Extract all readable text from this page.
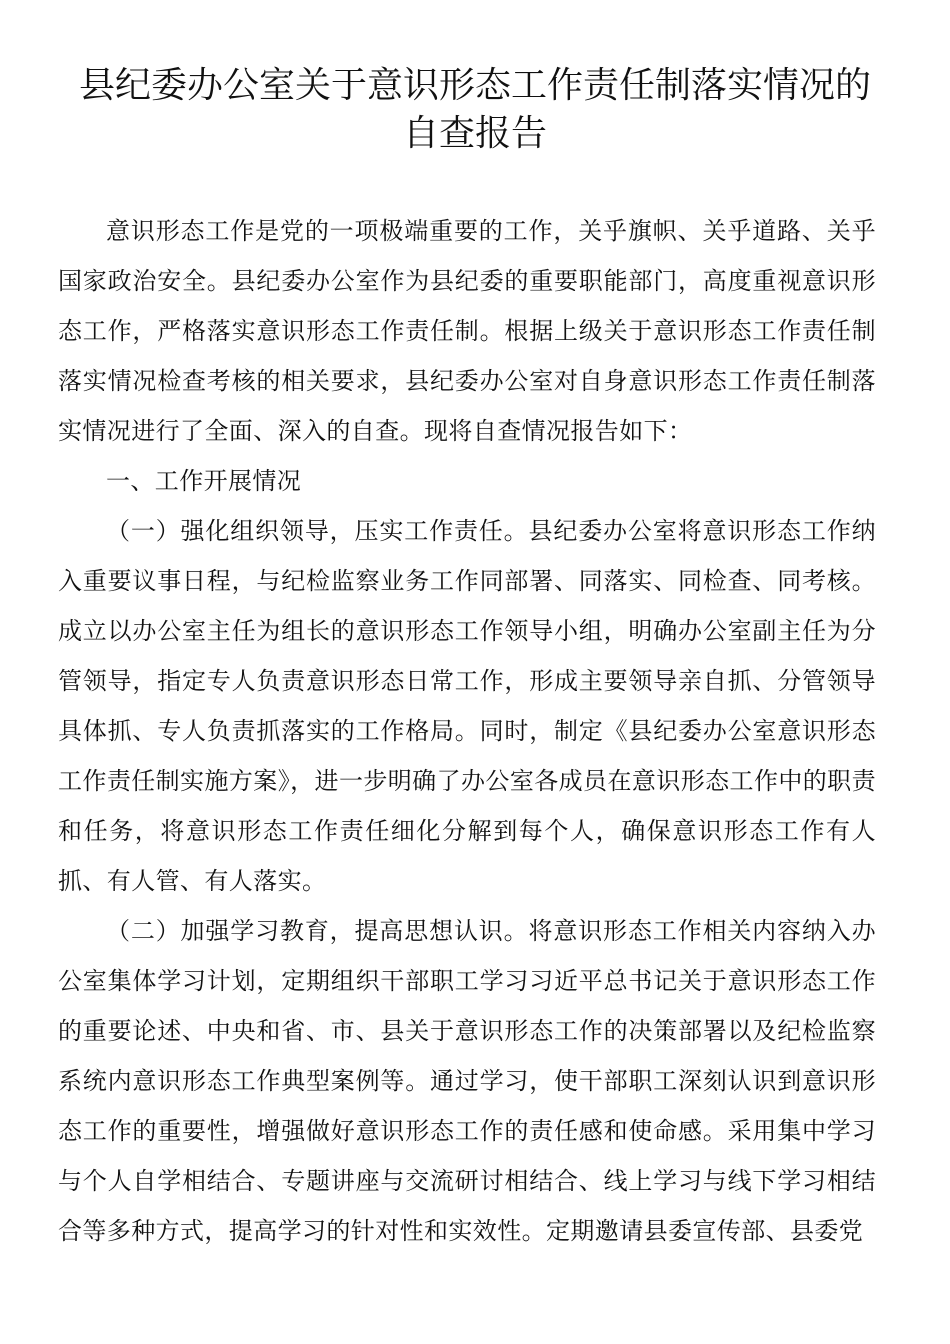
县纪委办公室关于意识形态工作责任制落实情况的自查报告

意识形态工作是党的一项极端重要的工作，关乎旗帜、关乎道路、关乎国家政治安全。县纪委办公室作为县纪委的重要职能部门，高度重视意识形态工作，严格落实意识形态工作责任制。根据上级关于意识形态工作责任制落实情况检查考核的相关要求，县纪委办公室对自身意识形态工作责任制落实情况进行了全面、深入的自查。现将自查情况报告如下：

一、工作开展情况

（一）强化组织领导，压实工作责任。县纪委办公室将意识形态工作纳入重要议事日程，与纪检监察业务工作同部署、同落实、同检查、同考核。成立以办公室主任为组长的意识形态工作领导小组，明确办公室副主任为分管领导，指定专人负责意识形态日常工作，形成主要领导亲自抓、分管领导具体抓、专人负责抓落实的工作格局。同时，制定《县纪委办公室意识形态工作责任制实施方案》，进一步明确了办公室各成员在意识形态工作中的职责和任务，将意识形态工作责任细化分解到每个人，确保意识形态工作有人抓、有人管、有人落实。

（二）加强学习教育，提高思想认识。将意识形态工作相关内容纳入办公室集体学习计划，定期组织干部职工学习习近平总书记关于意识形态工作的重要论述、中央和省、市、县关于意识形态工作的决策部署以及纪检监察系统内意识形态工作典型案例等。通过学习，使干部职工深刻认识到意识形态工作的重要性，增强做好意识形态工作的责任感和使命感。采用集中学习与个人自学相结合、专题讲座与交流研讨相结合、线上学习与线下学习相结合等多种方式，提高学习的针对性和实效性。定期邀请县委宣传部、县委党
